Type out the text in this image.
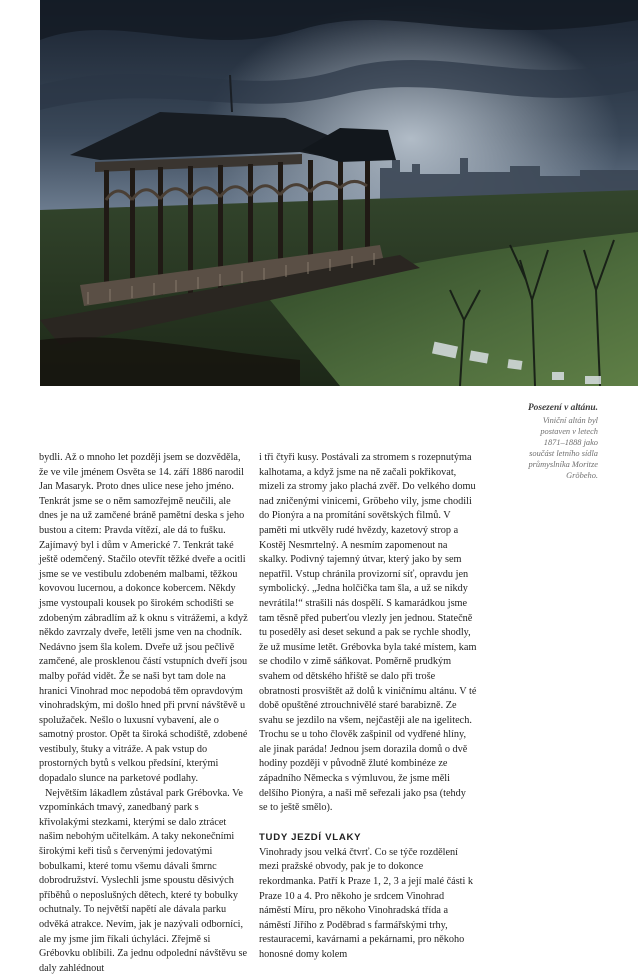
Posezení v altánu.
Viniční altán byl postaven v letech 1871–1888 jako součást letního sídla průmyslníka Moritze Gröbeho.

bydli. Až o mnoho let později jsem se dozvěděla, že ve vile jménem Osvěta se 14. září 1886 narodil Jan Masaryk. Proto dnes ulice nese jeho jméno. Tenkrát jsme se o něm samozřejmě neučili, ale dnes je na už zamčené bráně pamětní deska s jeho bustou a citem: Pravda vítězí, ale dá to fušku. Zajímavý byl i dům v Americké 7. Tenkrát také ještě odemčený. Stačilo otevřít těžké dveře a ocitli jsme se ve vestibulu zdobeném malbami, těžkou kovovou lucernou, a dokonce kobercem. Někdy jsme vystoupali kousek po širokém schodišti se zdobeným zábradlím až k oknu s vitrážemi, a když někdo zavrzaly dveře, letěli jsme ven na chodník. Nedávno jsem šla kolem. Dveře už jsou pečlivě zamčené, ale prosklenou částí vstupních dveří jsou malby pořád vidět. Že se naši byt tam dole na hranici Vinohrad moc nepodobá těm opravdovým vinohradským, mi došlo hned při první návštěvě u spolužaček. Nešlo o luxusní vybavení, ale o samotný prostor. Opět ta široká schodiště, zdobené vestibuly, štuky a vitráže. A pak vstup do prostorných bytů s velkou předsíní, kterými dopadalo slunce na parketové podlahy.

Největším lákadlem zůstával park Grébovka. Ve vzpomínkách tmavý, zanedbaný park s křivolakými stezkami, kterými se dalo ztrácet našim nebohým učitelkám. A taky nekonečními širokými keři tisů s červenými jedovatými bobulkami, které tomu všemu dávali šmrnc dobrodružství. Vyslechli jsme spoustu děsivých příběhů o neposlušných dětech, které ty bobulky ochutnaly. To největší napětí ale dávala parku odvěká atrakce. Nevím, jak je nazývali odborníci, ale my jsme jim říkali úchyláci. Zřejmě si Grébovku oblíbili. Za jednu odpolední návštěvu se daly zahlédnout

i tři čtyři kusy. Postávali za stromem s rozepnutýma kalhotama, a když jsme na ně začali pokřikovat, mizeli za stromy jako plachá zvěř. Do velkého domu nad zničenými vinicemi, Gröbeho vily, jsme chodili do Pionýra a na promítání sovětských filmů. V paměti mi utkvěly rudé hvězdy, kazetový strop a Kostěj Nesmrtelný. A nesmím zapomenout na skalky. Podivný tajemný útvar, který jako by sem nepatřil. Vstup chránila provizorní síť, opravdu jen symbolický. „Jedna holčička tam šla, a už se nikdy nevrátila!“ strašili nás dospělí. S kamarádkou jsme tam těsně před puberťou vlezly jen jednou. Statečně tu poseděly asi deset sekund a pak se rychle shodly, že už musíme letět. Grébovka byla také místem, kam se chodilo v zimě sáňkovat. Poměrně prudkým svahem od dětského hřiště se dalo při troše obratnosti prosvištět až dolů k viničnímu altánu. V té době opuštěné ztrouchnivělé staré barabizně. Ze svahu se jezdilo na všem, nejčastěji ale na igelitech. Trochu se u toho člověk zašpinil od vydřené hlíny, ale jinak paráda! Jednou jsem dorazila domů o dvě hodiny později v původně žluté kombinéze ze západního Německa s výmluvou, že jsme měli delšího Pionýra, a naši mě seřezali jako psa (tehdy se to ještě smělo).

TUDY JEZDÍ VLAKY

Vinohrady jsou velká čtvrť. Co se týče rozdělení mezi pražské obvody, pak je to dokonce rekordmanka. Patří k Praze 1, 2, 3 a její malé části k Praze 10 a 4. Pro někoho je srdcem Vinohrad náměstí Míru, pro někoho Vinohradská třída a náměstí Jiřího z Poděbrad s farmářskými trhy, restauracemi, kavárnami a pekárnami, pro někoho honosné domy kolem
